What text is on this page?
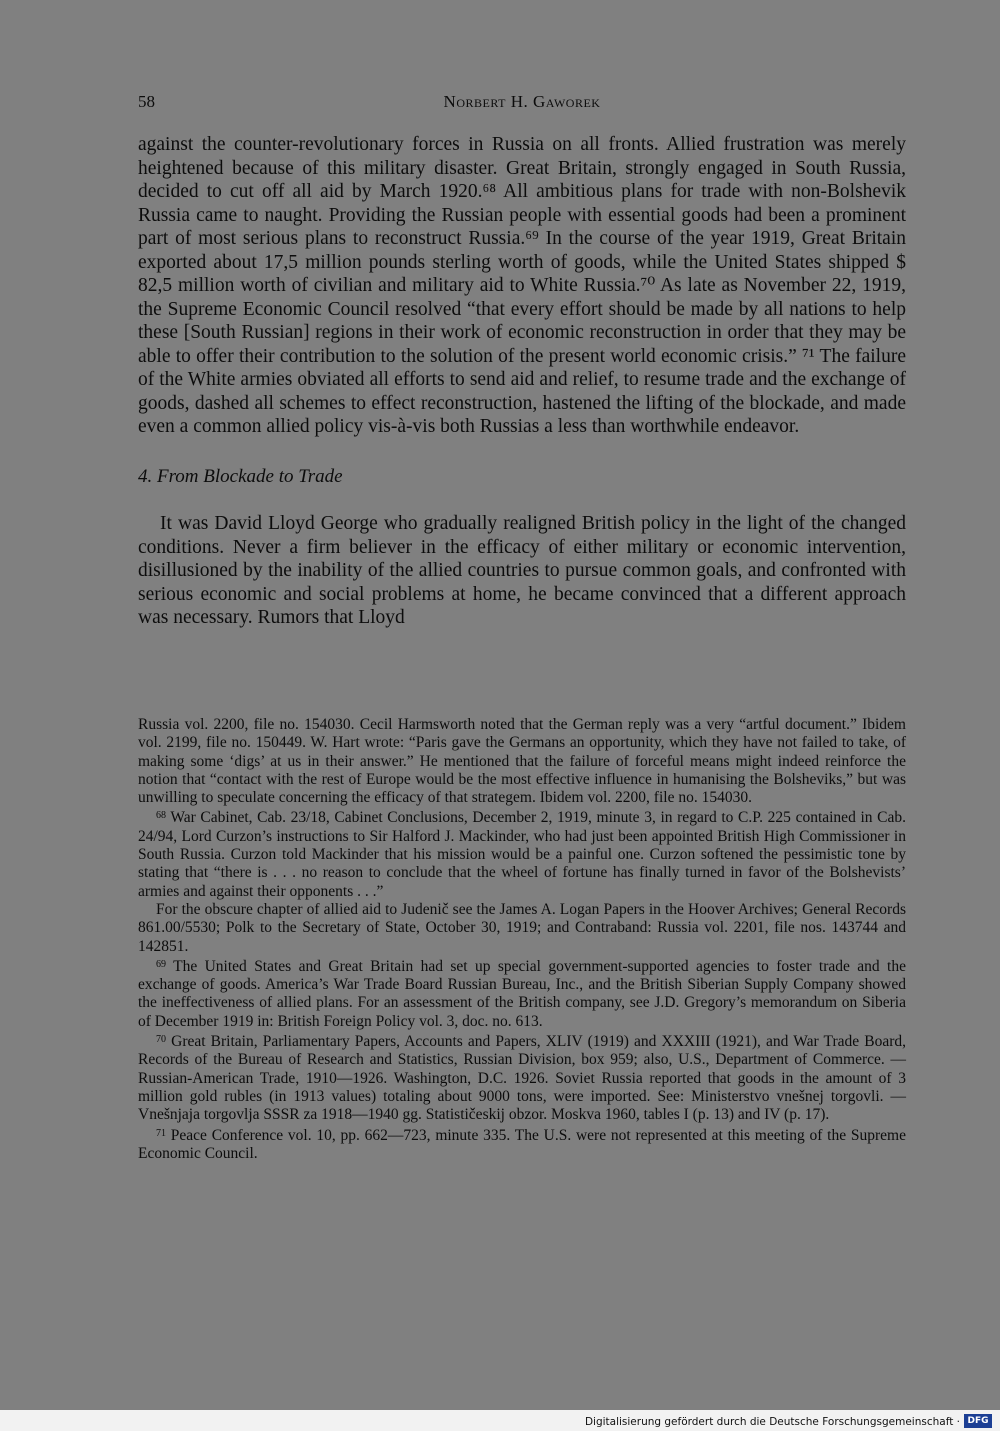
58	Norbert H. Gaworek

against the counter-revolutionary forces in Russia on all fronts. Allied frustration was merely heightened because of this military disaster. Great Britain, strongly engaged in South Russia, decided to cut off all aid by March 1920.⁶⁸ All ambitious plans for trade with non-Bolshevik Russia came to naught. Providing the Russian people with essential goods had been a prominent part of most serious plans to reconstruct Russia.⁶⁹ In the course of the year 1919, Great Britain exported about 17,5 million pounds sterling worth of goods, while the United States shipped $ 82,5 million worth of civilian and military aid to White Russia.⁷⁰ As late as November 22, 1919, the Supreme Economic Council resolved “that every effort should be made by all nations to help these [South Russian] regions in their work of economic reconstruction in order that they may be able to offer their contribution to the solution of the present world economic crisis.” ⁷¹ The failure of the White armies obviated all efforts to send aid and relief, to resume trade and the exchange of goods, dashed all schemes to effect reconstruction, hastened the lifting of the blockade, and made even a common allied policy vis-à-vis both Russias a less than worthwhile endeavor.

4. From Blockade to Trade

It was David Lloyd George who gradually realigned British policy in the light of the changed conditions. Never a firm believer in the efficacy of either military or economic intervention, disillusioned by the inability of the allied countries to pursue common goals, and confronted with serious economic and social problems at home, he became convinced that a different approach was necessary. Rumors that Lloyd

Russia vol. 2200, file no. 154030. Cecil Harmsworth noted that the German reply was a very “artful document.” Ibidem vol. 2199, file no. 150449. W. Hart wrote: “Paris gave the Germans an opportunity, which they have not failed to take, of making some ‘digs’ at us in their answer.” He mentioned that the failure of forceful means might indeed reinforce the notion that “contact with the rest of Europe would be the most effective influence in humanising the Bolsheviks,” but was unwilling to speculate concerning the efficacy of that strategem. Ibidem vol. 2200, file no. 154030.

$^{68}$ War Cabinet, Cab. 23/18, Cabinet Conclusions, December 2, 1919, minute 3, in regard to C.P. 225 contained in Cab. 24/94, Lord Curzon’s instructions to Sir Halford J. Mackinder, who had just been appointed British High Commissioner in South Russia. Curzon told Mackinder that his mission would be a painful one. Curzon softened the pessimistic tone by stating that “there is . . . no reason to conclude that the wheel of fortune has finally turned in favor of the Bolshevists’ armies and against their opponents . . .”

For the obscure chapter of allied aid to Judenič see the James A. Logan Papers in the Hoover Archives; General Records 861.00/5530; Polk to the Secretary of State, October 30, 1919; and Contraband: Russia vol. 2201, file nos. 143744 and 142851.

$^{69}$ The United States and Great Britain had set up special government-supported agencies to foster trade and the exchange of goods. America’s War Trade Board Russian Bureau, Inc., and the British Siberian Supply Company showed the ineffectiveness of allied plans. For an assessment of the British company, see J.D. Gregory’s memorandum on Siberia of December 1919 in: British Foreign Policy vol. 3, doc. no. 613.

$^{70}$ Great Britain, Parliamentary Papers, Accounts and Papers, XLIV (1919) and XXXIII (1921), and War Trade Board, Records of the Bureau of Research and Statistics, Russian Division, box 959; also, U.S., Department of Commerce. — Russian-American Trade, 1910—1926. Washington, D.C. 1926. Soviet Russia reported that goods in the amount of 3 million gold rubles (in 1913 values) totaling about 9000 tons, were imported. See: Ministerstvo vnešnej torgovli. — Vnešnjaja torgovlja SSSR za 1918—1940 gg. Statističeskij obzor. Moskva 1960, tables I (p. 13) and IV (p. 17).

$^{71}$ Peace Conference vol. 10, pp. 662—723, minute 335. The U.S. were not represented at this meeting of the Supreme Economic Council.

Digitalisierung gefördert durch die Deutsche Forschungsgemeinschaft · DFG
